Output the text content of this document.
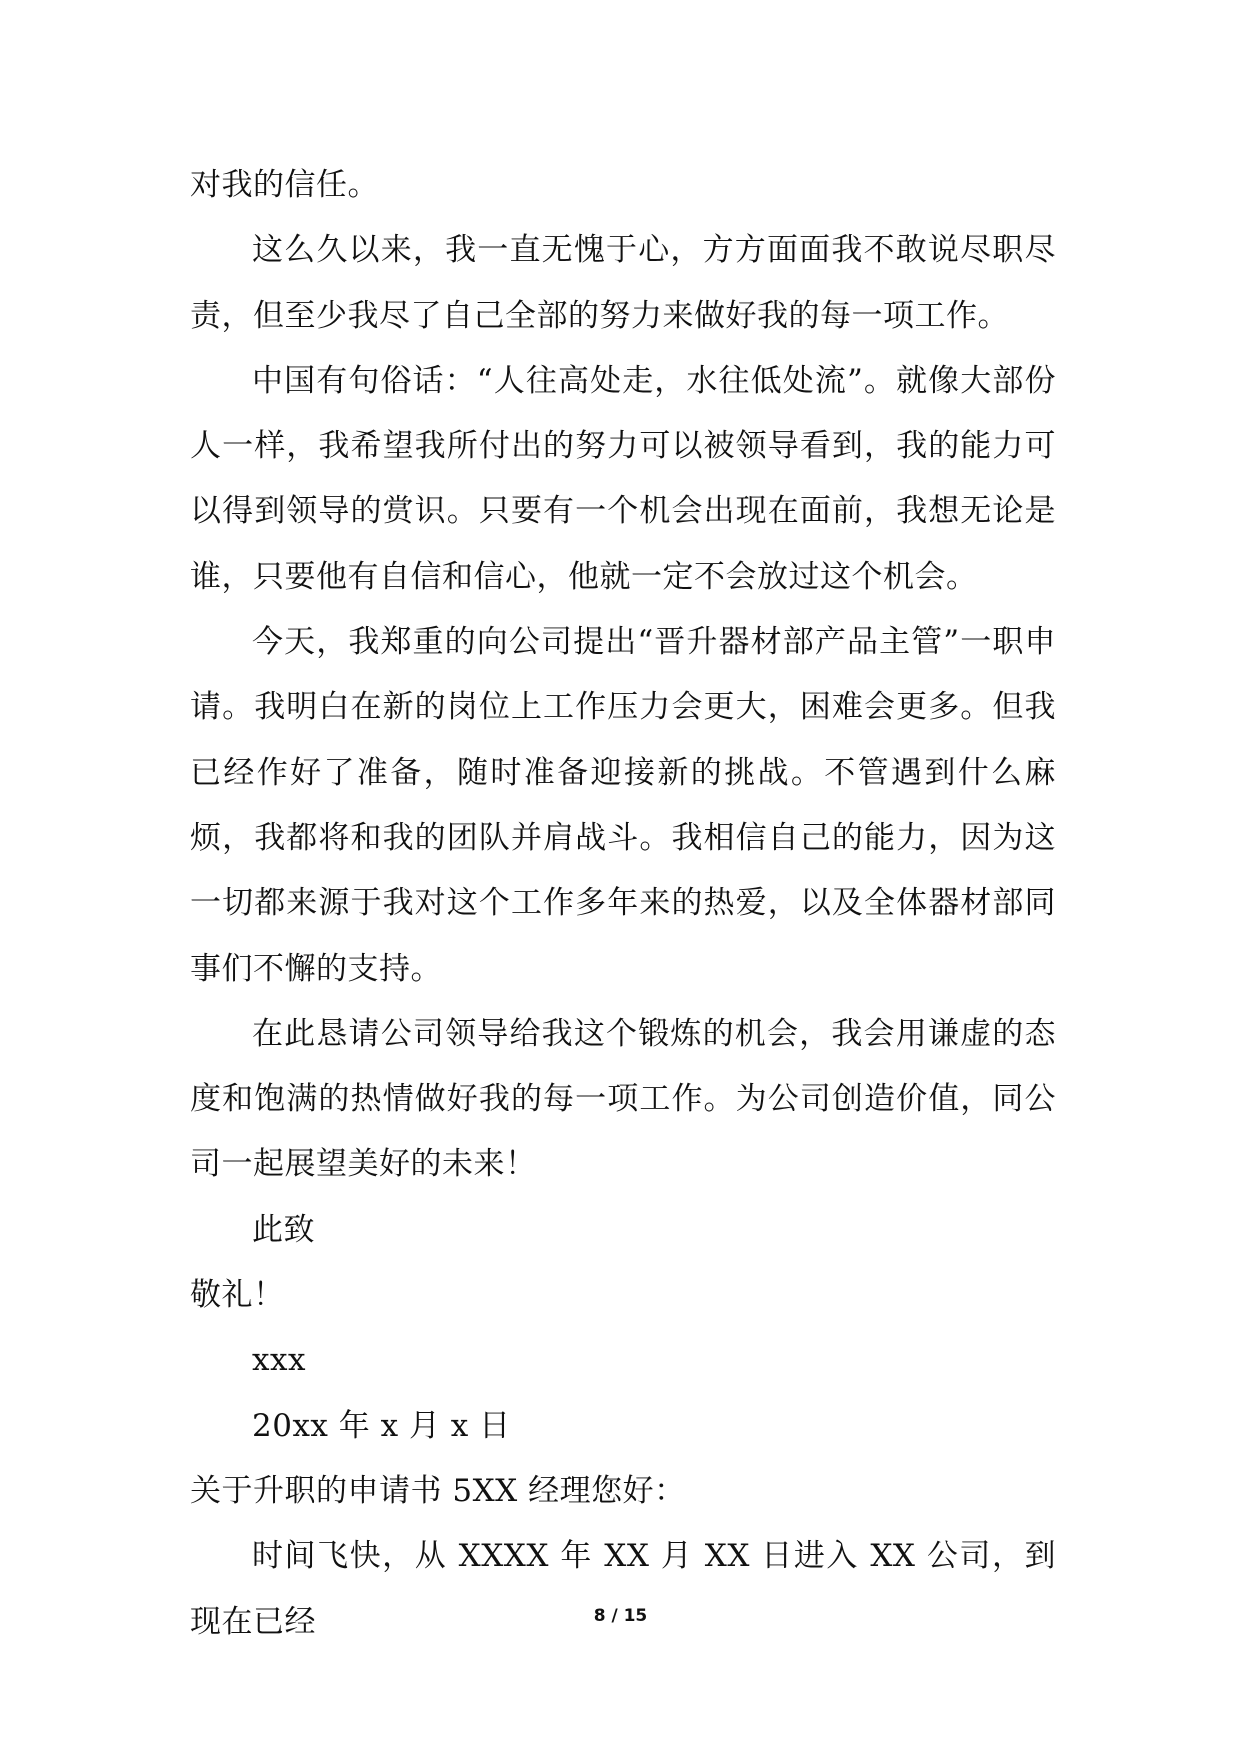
对我的信任。

这么久以来，我一直无愧于心，方方面面我不敢说尽职尽责，但至少我尽了自己全部的努力来做好我的每一项工作。

中国有句俗话：“人往高处走，水往低处流”。就像大部份人一样，我希望我所付出的努力可以被领导看到，我的能力可以得到领导的赏识。只要有一个机会出现在面前，我想无论是谁，只要他有自信和信心，他就一定不会放过这个机会。

今天，我郑重的向公司提出“晋升器材部产品主管”一职申请。我明白在新的岗位上工作压力会更大，困难会更多。但我已经作好了准备，随时准备迎接新的挑战。不管遇到什么麻烦，我都将和我的团队并肩战斗。我相信自己的能力，因为这一切都来源于我对这个工作多年来的热爱，以及全体器材部同事们不懈的支持。

在此恳请公司领导给我这个锻炼的机会，我会用谦虚的态度和饱满的热情做好我的每一项工作。为公司创造价值，同公司一起展望美好的未来！

此致

敬礼！

xxx

20xx 年 x 月 x 日

关于升职的申请书 5XX 经理您好：

时间飞快，从 XXXX 年 XX 月 XX 日进入 XX 公司，到现在已经	8 / 15
